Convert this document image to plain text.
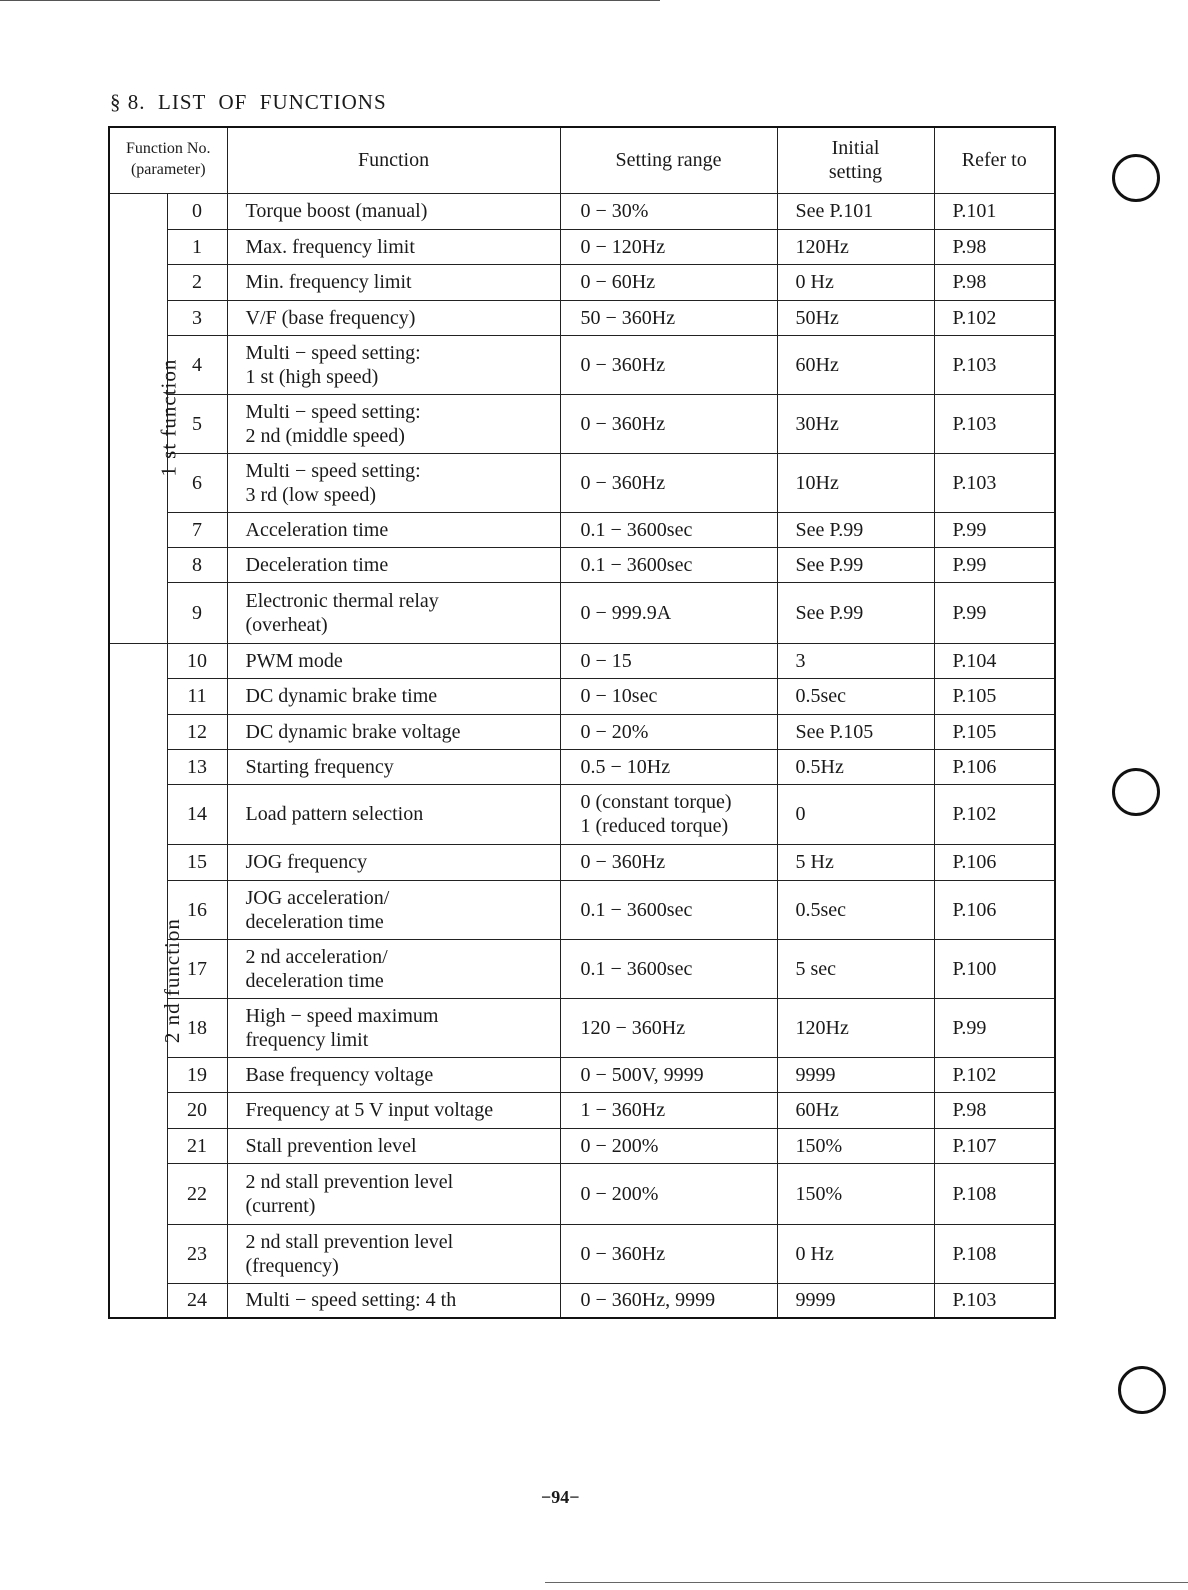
§ 8.  LIST  OF  FUNCTIONS
Function No.
(parameter)		Function	Setting range	Initial
setting	Refer to
1 st function	0	Torque boost (manual)	0 − 30%	See P.101	P.101
	1	Max. frequency limit	0 − 120Hz	120Hz	P.98
	2	Min. frequency limit	0 − 60Hz	0 Hz	P.98
	3	V/F (base frequency)	50 − 360Hz	50Hz	P.102
	4	Multi − speed setting:
1 st (high speed)	0 − 360Hz	60Hz	P.103
	5	Multi − speed setting:
2 nd (middle speed)	0 − 360Hz	30Hz	P.103
	6	Multi − speed setting:
3 rd (low speed)	0 − 360Hz	10Hz	P.103
	7	Acceleration time	0.1 − 3600sec	See P.99	P.99
	8	Deceleration time	0.1 − 3600sec	See P.99	P.99
	9	Electronic thermal relay
(overheat)	0 − 999.9A	See P.99	P.99
2 nd function	10	PWM mode	0 − 15	3	P.104
	11	DC dynamic brake time	0 − 10sec	0.5sec	P.105
	12	DC dynamic brake voltage	0 − 20%	See P.105	P.105
	13	Starting frequency	0.5 − 10Hz	0.5Hz	P.106
	14	Load pattern selection	0 (constant torque)
1 (reduced torque)	0	P.102
	15	JOG frequency	0 − 360Hz	5 Hz	P.106
	16	JOG acceleration/
deceleration time	0.1 − 3600sec	0.5sec	P.106
	17	2 nd acceleration/
deceleration time	0.1 − 3600sec	5 sec	P.100
	18	High − speed maximum
frequency limit	120 − 360Hz	120Hz	P.99
	19	Base frequency voltage	0 − 500V, 9999	9999	P.102
	20	Frequency at 5 V input voltage	1 − 360Hz	60Hz	P.98
	21	Stall prevention level	0 − 200%	150%	P.107
	22	2 nd stall prevention level
(current)	0 − 200%	150%	P.108
	23	2 nd stall prevention level
(frequency)	0 − 360Hz	0 Hz	P.108
	24	Multi − speed setting: 4 th	0 − 360Hz, 9999	9999	P.103
−94−
